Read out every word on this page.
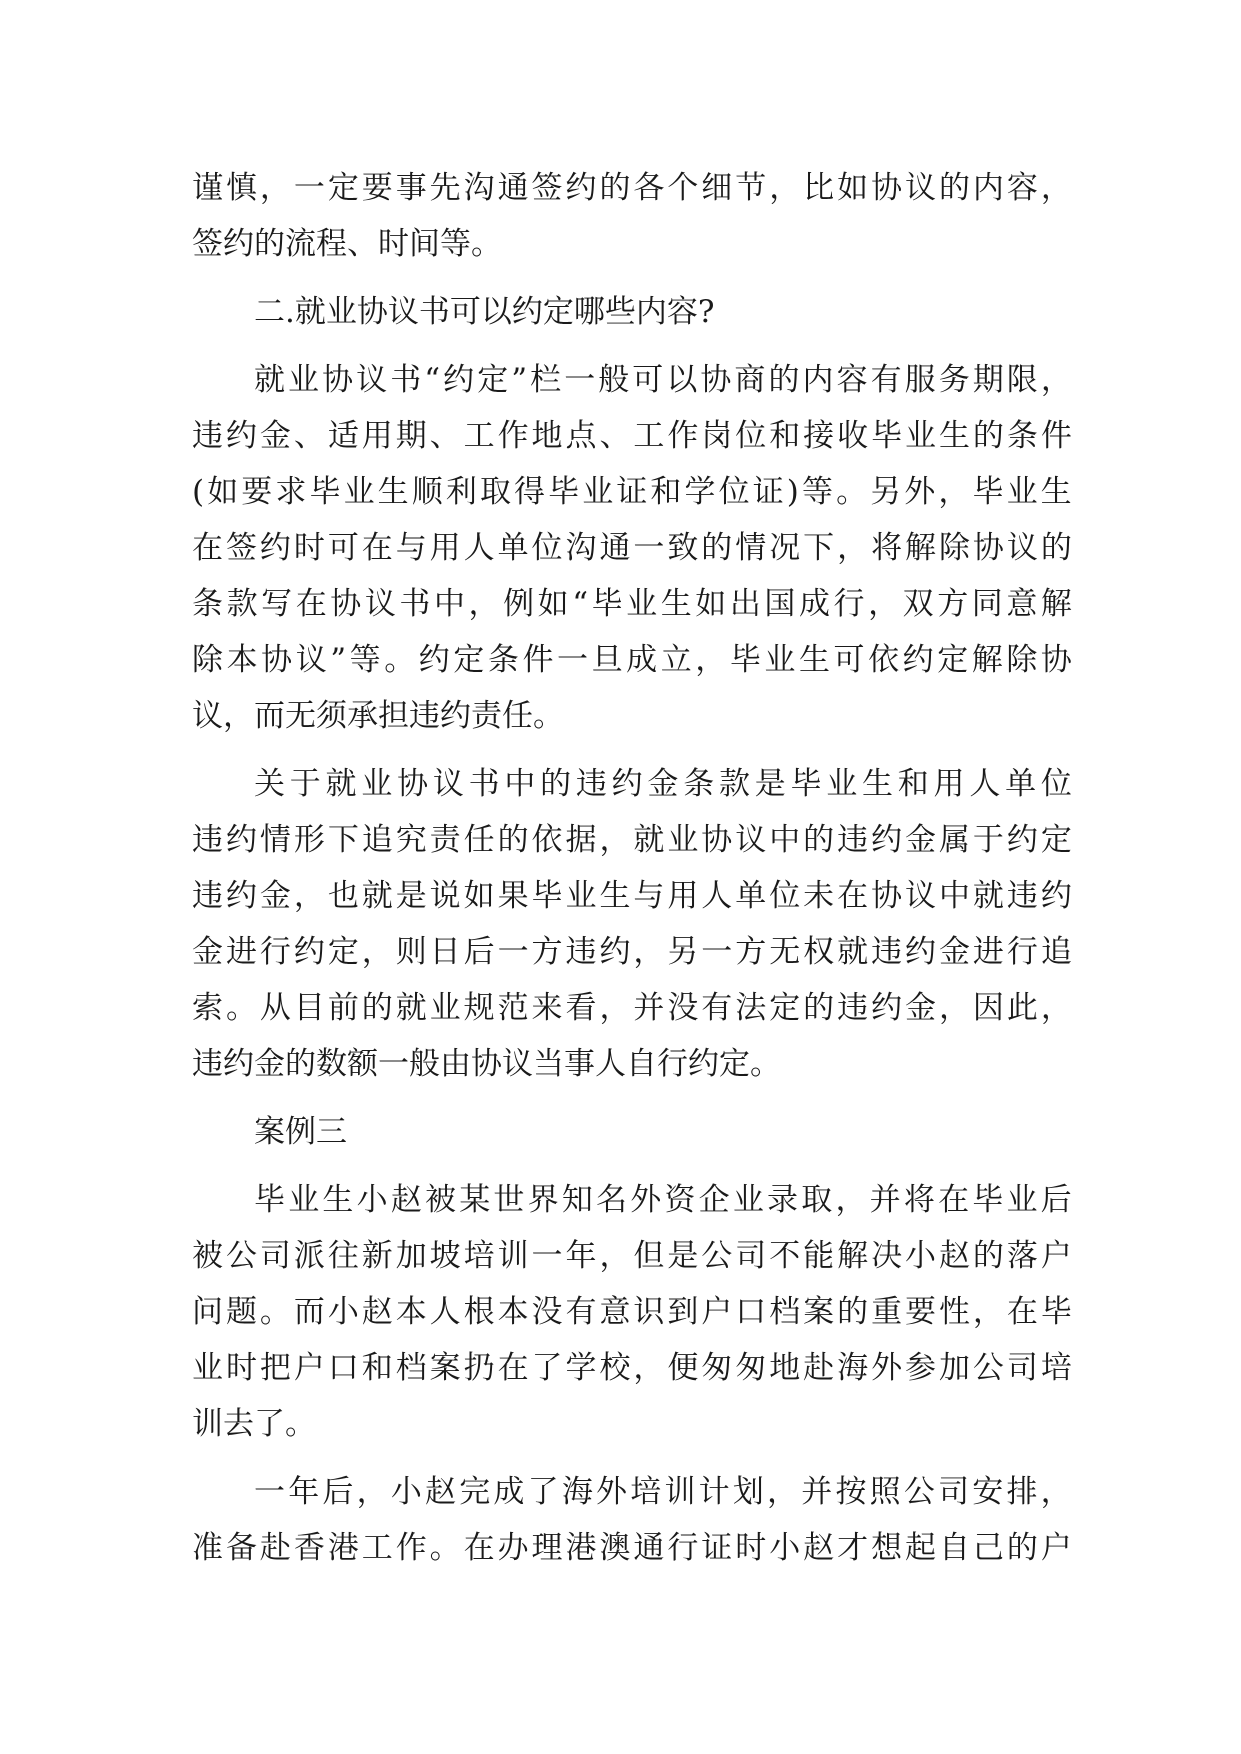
谨 慎 ， 一 定 要 事 先 沟 通 签 约 的 各 个 细 节 ， 比 如 协 议 的 内 容 ，
签约的流程、时间等。
二.就业协议书可以约定哪些内容?
就 业 协 议 书 “ 约 定 ” 栏 一 般 可 以 协 商 的 内 容 有 服 务 期 限 ，
违 约 金 、 适 用 期 、 工 作 地 点 、 工 作 岗 位 和 接 收 毕 业 生 的 条 件
( 如 要 求 毕 业 生 顺 利 取 得 毕 业 证 和 学 位 证 ) 等 。 另 外 ， 毕 业 生
在 签 约 时 可 在 与 用 人 单 位 沟 通 一 致 的 情 况 下 ， 将 解 除 协 议 的
条 款 写 在 协 议 书 中 ， 例 如 “ 毕 业 生 如 出 国 成 行 ， 双 方 同 意 解
除 本 协 议 ” 等 。 约 定 条 件 一 旦 成 立 ， 毕 业 生 可 依 约 定 解 除 协
议，而无须承担违约责任。
关 于 就 业 协 议 书 中 的 违 约 金 条 款 是 毕 业 生 和 用 人 单 位
违 约 情 形 下 追 究 责 任 的 依 据 ， 就 业 协 议 中 的 违 约 金 属 于 约 定
违 约 金 ， 也 就 是 说 如 果 毕 业 生 与 用 人 单 位 未 在 协 议 中 就 违 约
金 进 行 约 定 ， 则 日 后 一 方 违 约 ， 另 一 方 无 权 就 违 约 金 进 行 追
索 。 从 目 前 的 就 业 规 范 来 看 ， 并 没 有 法 定 的 违 约 金 ， 因 此 ，
违约金的数额一般由协议当事人自行约定。
案例三
毕 业 生 小 赵 被 某 世 界 知 名 外 资 企 业 录 取 ， 并 将 在 毕 业 后
被 公 司 派 往 新 加 坡 培 训 一 年 ， 但 是 公 司 不 能 解 决 小 赵 的 落 户
问 题 。 而 小 赵 本 人 根 本 没 有 意 识 到 户 口 档 案 的 重 要 性 ， 在 毕
业 时 把 户 口 和 档 案 扔 在 了 学 校 ， 便 匆 匆 地 赴 海 外 参 加 公 司 培
训去了。
一 年 后 ， 小 赵 完 成 了 海 外 培 训 计 划 ， 并 按 照 公 司 安 排 ，
准 备 赴 香 港 工 作 。 在 办 理 港 澳 通 行 证 时 小 赵 才 想 起 自 己 的 户
